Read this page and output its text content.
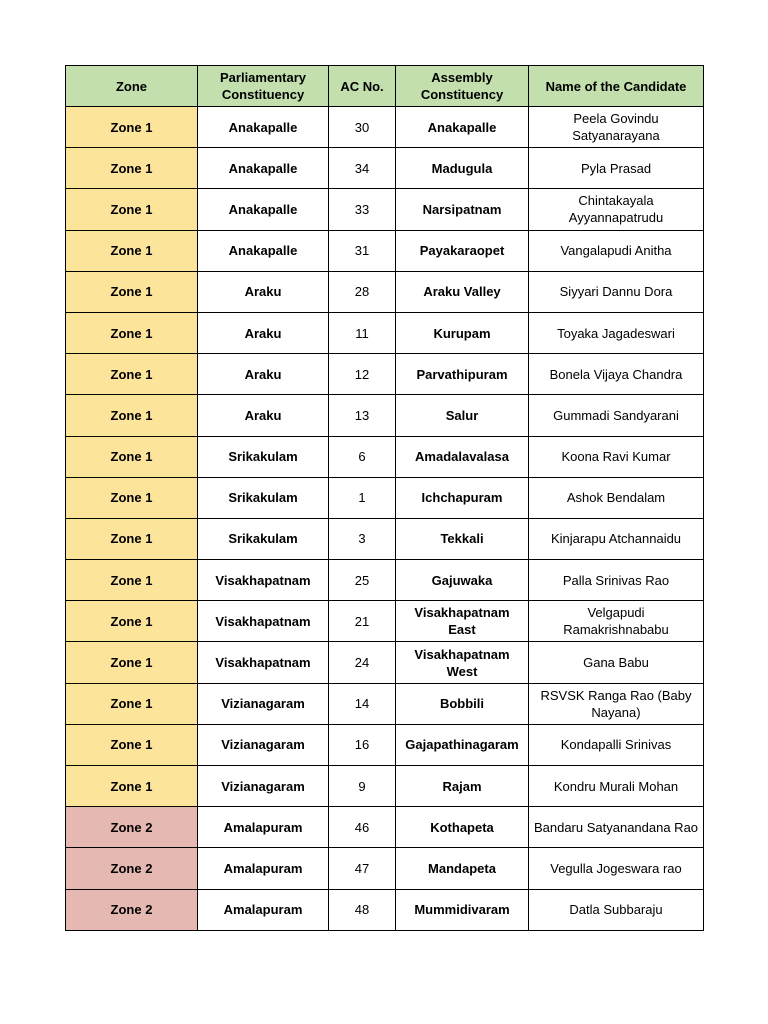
Zone	Parliamentary Constituency	AC No.	Assembly Constituency	Name of the Candidate
Zone 1	Anakapalle	30	Anakapalle	Peela Govindu Satyanarayana
Zone 1	Anakapalle	34	Madugula	Pyla Prasad
Zone 1	Anakapalle	33	Narsipatnam	Chintakayala Ayyannapatrudu
Zone 1	Anakapalle	31	Payakaraopet	Vangalapudi Anitha
Zone 1	Araku	28	Araku Valley	Siyyari Dannu Dora
Zone 1	Araku	11	Kurupam	Toyaka Jagadeswari
Zone 1	Araku	12	Parvathipuram	Bonela Vijaya Chandra
Zone 1	Araku	13	Salur	Gummadi Sandyarani
Zone 1	Srikakulam	6	Amadalavalasa	Koona Ravi Kumar
Zone 1	Srikakulam	1	Ichchapuram	Ashok Bendalam
Zone 1	Srikakulam	3	Tekkali	Kinjarapu Atchannaidu
Zone 1	Visakhapatnam	25	Gajuwaka	Palla Srinivas Rao
Zone 1	Visakhapatnam	21	Visakhapatnam East	Velgapudi Ramakrishnababu
Zone 1	Visakhapatnam	24	Visakhapatnam West	Gana Babu
Zone 1	Vizianagaram	14	Bobbili	RSVSK Ranga Rao (Baby Nayana)
Zone 1	Vizianagaram	16	Gajapathinagaram	Kondapalli Srinivas
Zone 1	Vizianagaram	9	Rajam	Kondru Murali Mohan
Zone 2	Amalapuram	46	Kothapeta	Bandaru Satyanandana Rao
Zone 2	Amalapuram	47	Mandapeta	Vegulla Jogeswara rao
Zone 2	Amalapuram	48	Mummidivaram	Datla Subbaraju
